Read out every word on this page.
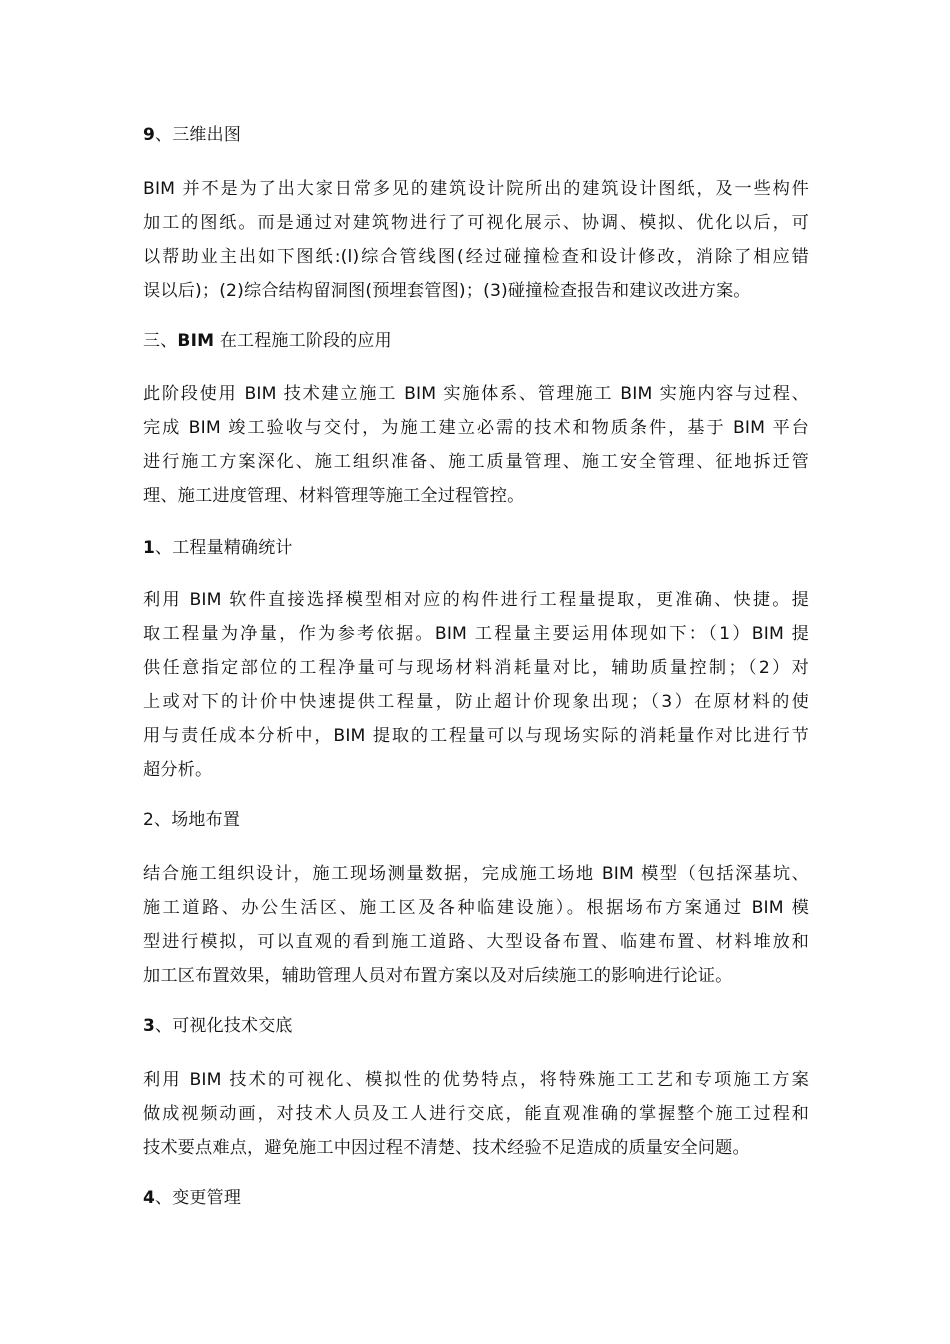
9、三维出图
BIM 并不是为了出大家日常多见的建筑设计院所出的建筑设计图纸，及一些构件
加工的图纸。而是通过对建筑物进行了可视化展示、协调、模拟、优化以后，可
以帮助业主出如下图纸:(l)综合管线图(经过碰撞检查和设计修改，消除了相应错
误以后)；(2)综合结构留洞图(预埋套管图)；(3)碰撞检查报告和建议改进方案。
三、BIM 在工程施工阶段的应用
此阶段使用 BIM 技术建立施工 BIM 实施体系、管理施工 BIM 实施内容与过程、
完成 BIM 竣工验收与交付，为施工建立必需的技术和物质条件，基于 BIM 平台
进行施工方案深化、施工组织准备、施工质量管理、施工安全管理、征地拆迁管
理、施工进度管理、材料管理等施工全过程管控。
1、工程量精确统计
利用 BIM 软件直接选择模型相对应的构件进行工程量提取，更准确、快捷。提
取工程量为净量，作为参考依据。BIM 工程量主要运用体现如下：（1）BIM 提
供任意指定部位的工程净量可与现场材料消耗量对比，辅助质量控制；（2）对
上或对下的计价中快速提供工程量，防止超计价现象出现；（3）在原材料的使
用与责任成本分析中，BIM 提取的工程量可以与现场实际的消耗量作对比进行节
超分析。
2、场地布置
结合施工组织设计，施工现场测量数据，完成施工场地 BIM 模型（包括深基坑、
施工道路、办公生活区、施工区及各种临建设施）。根据场布方案通过 BIM 模
型进行模拟，可以直观的看到施工道路、大型设备布置、临建布置、材料堆放和
加工区布置效果，辅助管理人员对布置方案以及对后续施工的影响进行论证。
3、可视化技术交底
利用 BIM 技术的可视化、模拟性的优势特点，将特殊施工工艺和专项施工方案
做成视频动画，对技术人员及工人进行交底，能直观准确的掌握整个施工过程和
技术要点难点，避免施工中因过程不清楚、技术经验不足造成的质量安全问题。
4、变更管理
